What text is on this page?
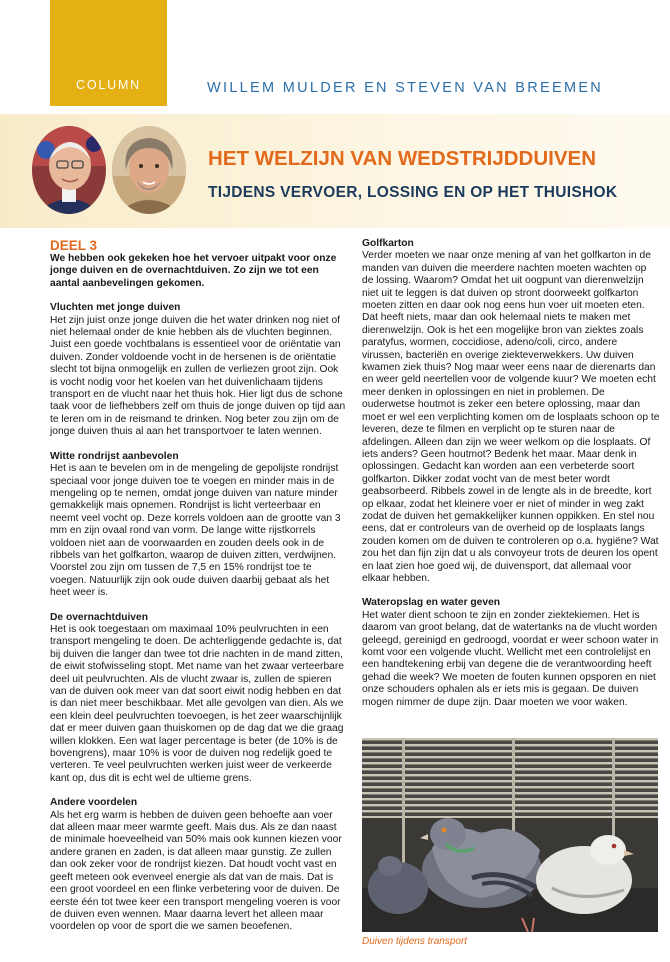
COLUMN	WILLEM MULDER EN STEVEN VAN BREEMEN
HET WELZIJN VAN WEDSTRIJDDUIVEN
TIJDENS VERVOER, LOSSING EN OP HET THUISHOK

DEEL 3

We hebben ook gekeken hoe het vervoer uitpakt voor onze jonge duiven en de overnachtduiven. Zo zijn we tot een aantal aanbevelingen gekomen.

Vluchten met jonge duiven

Het zijn juist onze jonge duiven die het water drinken nog niet of niet helemaal onder de knie hebben als de vluchten beginnen. Juist een goede vochtbalans is essentieel voor de oriëntatie van duiven. Zonder voldoende vocht in de hersenen is de oriëntatie slecht tot bijna onmogelijk en zullen de verliezen groot zijn. Ook is vocht nodig voor het koelen van het duivenlichaam tijdens transport en de vlucht naar het thuis hok. Hier ligt dus de schone taak voor de liefhebbers zelf om thuis de jonge duiven op tijd aan te leren om in de reismand te drinken. Nog beter zou zijn om de jonge duiven thuis al aan het transportvoer te laten wennen.

Witte rondrijst aanbevolen

Het is aan te bevelen om in de mengeling de gepolijste rondrijst speciaal voor jonge duiven toe te voegen en minder mais in de mengeling op te nemen, omdat jonge duiven van nature minder gemakkelijk mais opnemen. Rondrijst is licht verteerbaar en neemt veel vocht op. Deze korrels voldoen aan de grootte van 3 mm en zijn ovaal rond van vorm. De lange witte rijstkorrels voldoen niet aan de voorwaarden en zouden deels ook in de ribbels van het golfkarton, waarop de duiven zitten, verdwijnen. Voorstel zou zijn om tussen de 7,5 en 15% rondrijst toe te voegen. Natuurlijk zijn ook oude duiven daarbij gebaat als het heet weer is.

De overnachtduiven

Het is ook toegestaan om maximaal 10% peulvruchten in een transport mengeling te doen. De achterliggende gedachte is, dat bij duiven die langer dan twee tot drie nachten in de mand zitten, de eiwit stofwisseling stopt. Met name van het zwaar verteerbare deel uit peulvruchten. Als de vlucht zwaar is, zullen de spieren van de duiven ook meer van dat soort eiwit nodig hebben en dat is dan niet meer beschikbaar. Met alle gevolgen van dien. Als we een klein deel peulvruchten toevoegen, is het zeer waarschijnlijk dat er meer duiven gaan thuiskomen op de dag dat we die graag willen klokken. Een wat lager percentage is beter (de 10% is de bovengrens), maar 10% is voor de duiven nog redelijk goed te verteren. Te veel peulvruchten werken juist weer de verkeerde kant op, dus dit is echt wel de ultieme grens.

Andere voordelen

Als het erg warm is hebben de duiven geen behoefte aan voer dat alleen maar meer warmte geeft. Mais dus. Als ze dan naast de minimale hoeveelheid van 50% mais ook kunnen kiezen voor andere granen en zaden, is dat alleen maar gunstig. Ze zullen dan ook zeker voor de rondrijst kiezen. Dat houdt vocht vast en geeft meteen ook evenveel energie als dat van de mais. Dat is een groot voordeel en een flinke verbetering voor de duiven. De eerste één tot twee keer een transport mengeling voeren is voor de duiven even wennen. Maar daarna levert het alleen maar voordelen op voor de sport die we samen beoefenen.

Golfkarton

Verder moeten we naar onze mening af van het golfkarton in de manden van duiven die meerdere nachten moeten wachten op de lossing. Waarom? Omdat het uit oogpunt van dierenwelzijn niet uit te leggen is dat duiven op stront doorweekt golfkarton moeten zitten en daar ook nog eens hun voer uit moeten eten. Dat heeft niets, maar dan ook helemaal niets te maken met dierenwelzijn. Ook is het een mogelijke bron van ziektes zoals paratyfus, wormen, coccidiose, adeno/coli, circo, andere virussen, bacteriën en overige ziekteverwekkers. Uw duiven kwamen ziek thuis? Nog maar weer eens naar de dierenarts dan en weer geld neertellen voor de volgende kuur? We moeten echt meer denken in oplossingen en niet in problemen. De ouderwetse houtmot is zeker een betere oplossing, maar dan moet er wel een verplichting komen om de losplaats schoon op te leveren, deze te filmen en verplicht op te sturen naar de afdelingen. Alleen dan zijn we weer welkom op die losplaats. Of iets anders? Geen houtmot? Bedenk het maar. Maar denk in oplossingen. Gedacht kan worden aan een verbeterde soort golfkarton. Dikker zodat vocht van de mest beter wordt geabsorbeerd. Ribbels zowel in de lengte als in de breedte, kort op elkaar, zodat het kleinere voer er niet of minder in weg zakt zodat de duiven het gemakkelijker kunnen oppikken. En stel nou eens, dat er controleurs van de overheid op de losplaats langs zouden komen om de duiven te controleren op o.a. hygiëne? Wat zou het dan fijn zijn dat u als convoyeur trots de deuren los opent en laat zien hoe goed wij, de duivensport, dat allemaal voor elkaar hebben.

Wateropslag en water geven

Het water dient schoon te zijn en zonder ziektekiemen. Het is daarom van groot belang, dat de watertanks na de vlucht worden geleegd, gereinigd en gedroogd, voordat er weer schoon water in komt voor een volgende vlucht. Wellicht met een controlelijst en een handtekening erbij van degene die de verantwoording heeft gehad die week? We moeten de fouten kunnen opsporen en niet onze schouders ophalen als er iets mis is gegaan. De duiven mogen nimmer de dupe zijn. Daar moeten we voor waken.

Duiven tijdens transport
